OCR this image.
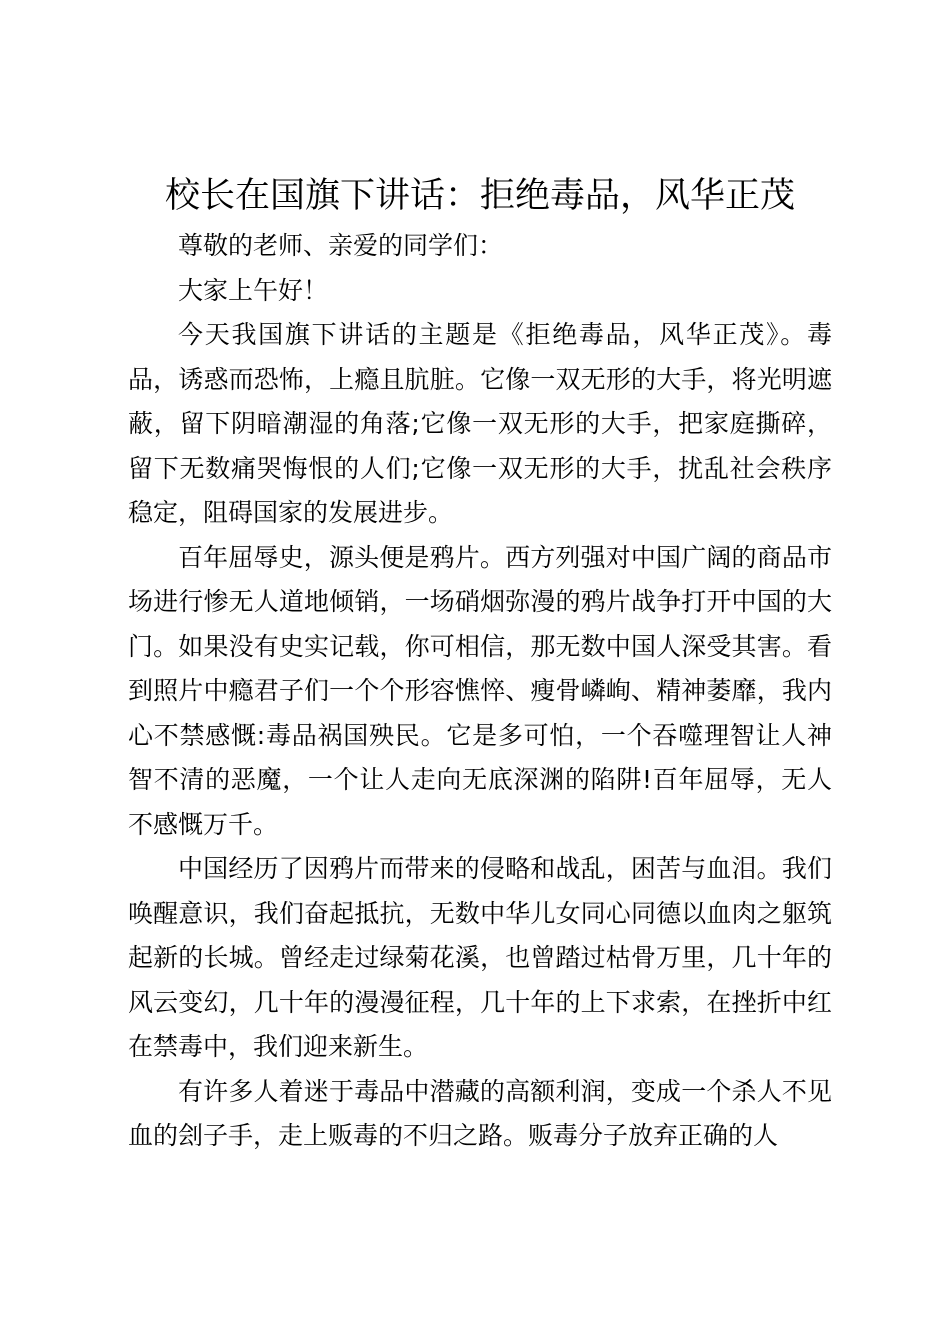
校长在国旗下讲话：拒绝毒品，风华正茂

尊敬的老师、亲爱的同学们：

大家上午好！

今天我国旗下讲话的主题是《拒绝毒品，风华正茂》。毒品，诱惑而恐怖，上瘾且肮脏。它像一双无形的大手，将光明遮蔽，留下阴暗潮湿的角落;它像一双无形的大手，把家庭撕碎，留下无数痛哭悔恨的人们;它像一双无形的大手，扰乱社会秩序稳定，阻碍国家的发展进步。

百年屈辱史，源头便是鸦片。西方列强对中国广阔的商品市场进行惨无人道地倾销，一场硝烟弥漫的鸦片战争打开中国的大门。如果没有史实记载，你可相信，那无数中国人深受其害。看到照片中瘾君子们一个个形容憔悴、瘦骨嶙峋、精神萎靡，我内心不禁感慨:毒品祸国殃民。它是多可怕，一个吞噬理智让人神智不清的恶魔，一个让人走向无底深渊的陷阱!百年屈辱，无人不感慨万千。

中国经历了因鸦片而带来的侵略和战乱，困苦与血泪。我们唤醒意识，我们奋起抵抗，无数中华儿女同心同德以血肉之躯筑起新的长城。曾经走过绿菊花溪，也曾踏过枯骨万里，几十年的风云变幻，几十年的漫漫征程，几十年的上下求索，在挫折中红在禁毒中，我们迎来新生。

有许多人着迷于毒品中潜藏的高额利润，变成一个杀人不见血的刽子手，走上贩毒的不归之路。贩毒分子放弃正确的人
